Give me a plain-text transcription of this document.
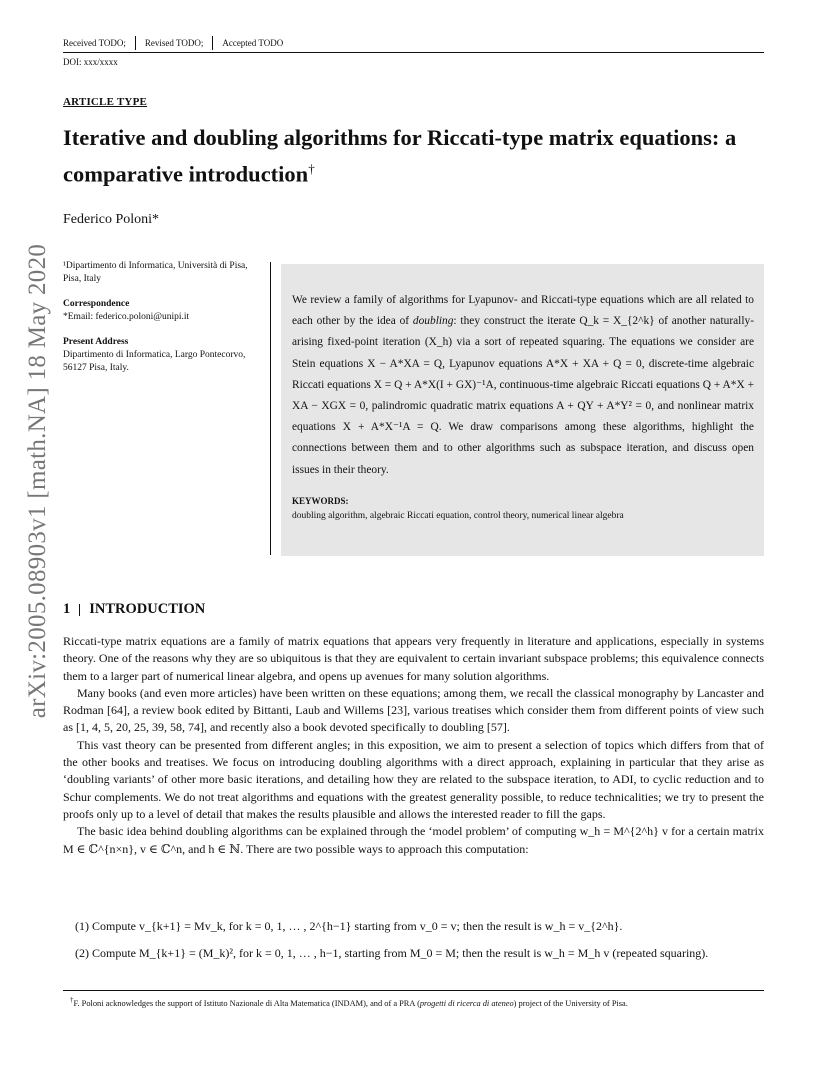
Received TODO;	Revised TODO;	Accepted TODO
DOI: xxx/xxxx
ARTICLE TYPE
Iterative and doubling algorithms for Riccati-type matrix equations: a comparative introduction†
Federico Poloni*
arXiv:2005.08903v1 [math.NA] 18 May 2020 ¹Dipartimento di Informatica, Università di Pisa, Pisa, Italy
Correspondence
*Email: federico.poloni@unipi.it
Present Address
Dipartimento di Informatica, Largo Pontecorvo, 56127 Pisa, Italy.
We review a family of algorithms for Lyapunov- and Riccati-type equations which are all related to each other by the idea of doubling: they construct the iterate Q_k = X_{2^k} of another naturally-arising fixed-point iteration (X_h) via a sort of repeated squaring. The equations we consider are Stein equations X − A*XA = Q, Lyapunov equations A*X + XA + Q = 0, discrete-time algebraic Riccati equations X = Q + A*X(I + GX)⁻¹A, continuous-time algebraic Riccati equations Q + A*X + XA − XGX = 0, palindromic quadratic matrix equations A + QY + A*Y² = 0, and nonlinear matrix equations X + A*X⁻¹A = Q. We draw comparisons among these algorithms, highlight the connections between them and to other algorithms such as subspace iteration, and discuss open issues in their theory.
KEYWORDS:
doubling algorithm, algebraic Riccati equation, control theory, numerical linear algebra
1 INTRODUCTION

Riccati-type matrix equations are a family of matrix equations that appears very frequently in literature and applications, especially in systems theory. One of the reasons why they are so ubiquitous is that they are equivalent to certain invariant subspace problems; this equivalence connects them to a larger part of numerical linear algebra, and opens up avenues for many solution algorithms.

Many books (and even more articles) have been written on these equations; among them, we recall the classical monography by Lancaster and Rodman [64], a review book edited by Bittanti, Laub and Willems [23], various treatises which consider them from different points of view such as [1, 4, 5, 20, 25, 39, 58, 74], and recently also a book devoted specifically to doubling [57].

This vast theory can be presented from different angles; in this exposition, we aim to present a selection of topics which differs from that of the other books and treatises. We focus on introducing doubling algorithms with a direct approach, explaining in particular that they arise as ‘doubling variants’ of other more basic iterations, and detailing how they are related to the subspace iteration, to ADI, to cyclic reduction and to Schur complements. We do not treat algorithms and equations with the greatest generality possible, to reduce technicalities; we try to present the proofs only up to a level of detail that makes the results plausible and allows the interested reader to fill the gaps.

The basic idea behind doubling algorithms can be explained through the ‘model problem’ of computing w_h = M^{2^h} v for a certain matrix M ∈ ℂ^{n×n}, v ∈ ℂ^n, and h ∈ ℕ. There are two possible ways to approach this computation:

(1) Compute v_{k+1} = Mv_k, for k = 0, 1, … , 2^{h−1} starting from v_0 = v; then the result is w_h = v_{2^h}.
(2) Compute M_{k+1} = (M_k)², for k = 0, 1, … , h−1, starting from M_0 = M; then the result is w_h = M_h v (repeated squaring).
†F. Poloni acknowledges the support of Istituto Nazionale di Alta Matematica (INDAM), and of a PRA (progetti di ricerca di ateneo) project of the University of Pisa.
